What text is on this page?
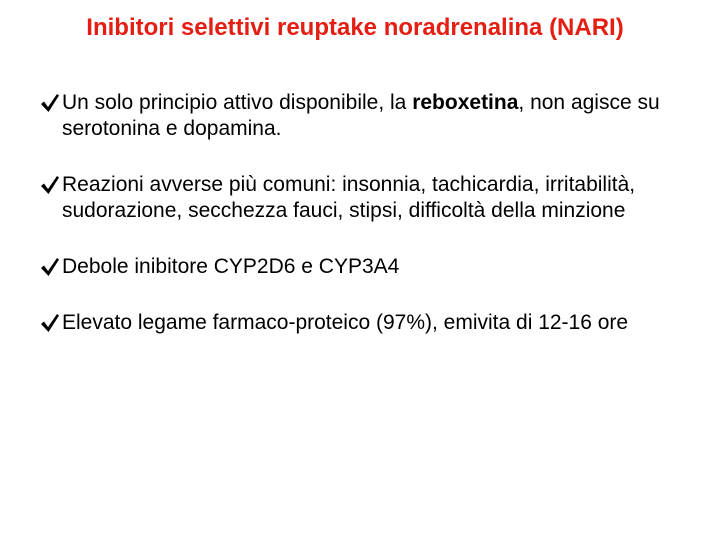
Inibitori selettivi reuptake noradrenalina (NARI)
Un solo principio attivo disponibile, la reboxetina, non agisce su serotonina e dopamina.
Reazioni avverse più comuni: insonnia, tachicardia, irritabilità, sudorazione, secchezza fauci, stipsi, difficoltà della minzione
Debole inibitore CYP2D6 e CYP3A4
Elevato legame farmaco-proteico (97%), emivita di 12-16 ore
